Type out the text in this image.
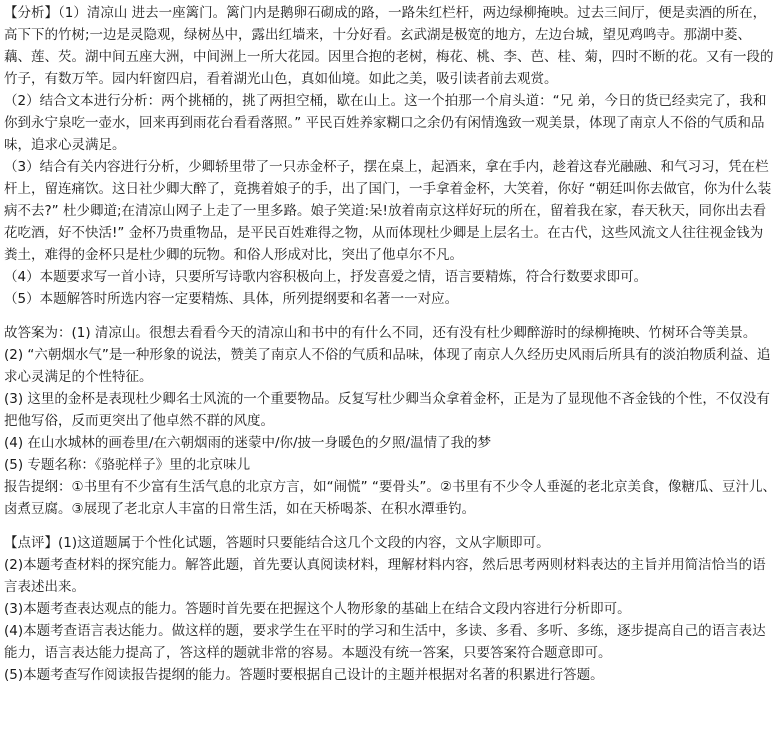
【分析】（1）清凉山 进去一座篱门。篱门内是鹅卵石砌成的路，一路朱红栏杆，两边绿柳掩映。过去三间厅，便是卖酒的所在，高下下的竹树;一边是灵隐观，绿树丛中，露出红墙来，十分好看。玄武湖是极宽的地方，左边台城，望见鸡鸣寺。那湖中菱、藕、莲、芡。湖中间五座大洲，中间洲上一所大花园。因里合抱的老树，梅花、桃、李、芭、桂、菊，四时不断的花。又有一段的竹子，有数万竿。园内轩窗四启，看着湖光山色，真如仙境。如此之美，吸引读者前去观赏。

（2）结合文本进行分析：两个挑桶的，挑了两担空桶，歇在山上。这一个拍那一个肩头道：“兄 弟，今日的货已经卖完了，我和你到永宁泉吃一壶水，回来再到雨花台看看落照。” 平民百姓养家糊口之余仍有闲情逸致一观美景，体现了南京人不俗的气质和品味，追求心灵满足。

（3）结合有关内容进行分析，少卿轿里带了一只赤金杯子，摆在桌上，起酒来，拿在手内，趁着这春光融融、和气习习，凭在栏杆上，留连痛饮。这日社少卿大醉了，竟携着娘子的手，出了国门，一手拿着金杯，大笑着，你好 “朝廷叫你去做官，你为什么装病不去?” 杜少卿道;在清凉山网子上走了一里多路。娘子笑道:呆!放着南京这样好玩的所在，留着我在家，春天秋天，同你出去看花吃酒，好不快活!” 金杯乃贵重物品，是平民百姓难得之物，从而体现杜少卿是上层名士。在古代，这些风流文人往往视金钱为粪土，难得的金杯只是杜少卿的玩物。和俗人形成对比，突出了他卓尔不凡。

（4）本题要求写一首小诗，只要所写诗歌内容积极向上，抒发喜爱之情，语言要精炼，符合行数要求即可。

（5）本题解答时所选内容一定要精炼、具体，所列提纲要和名著一一对应。

故答案为：(1) 清凉山。很想去看看今天的清凉山和书中的有什么不同，还有没有杜少卿醉游时的绿柳掩映、竹树环合等美景。

(2) “六朝烟水气”是一种形象的说法，赞美了南京人不俗的气质和品味，体现了南京人久经历史风雨后所具有的淡泊物质利益、追求心灵满足的个性特征。

(3) 这里的金杯是表现杜少卿名士风流的一个重要物品。反复写杜少卿当众拿着金杯，正是为了显现他不吝金钱的个性，不仅没有把他写俗，反而更突出了他卓然不群的风度。

(4) 在山水城林的画卷里/在六朝烟雨的迷蒙中/你/披一身暖色的夕照/温情了我的梦

(5) 专题名称：《骆驼样子》里的北京味儿

报告提纲：①书里有不少富有生活气息的北京方言，如“闹慌” “要骨头”。②书里有不少令人垂涎的老北京美食，像糖瓜、豆汁儿、卤煮豆腐。③展现了老北京人丰富的日常生活，如在天桥喝茶、在积水潭垂钓。

【点评】(1)这道题属于个性化试题，答题时只要能结合这几个文段的内容，文从字顺即可。

(2)本题考查材料的探究能力。解答此题，首先要认真阅读材料，理解材料内容，然后思考两则材料表达的主旨并用简洁恰当的语言表述出来。

(3)本题考查表达观点的能力。答题时首先要在把握这个人物形象的基础上在结合文段内容进行分析即可。

(4)本题考查语言表达能力。做这样的题，要求学生在平时的学习和生活中，多读、多看、多听、多练，逐步提高自己的语言表达能力，语言表达能力提高了，答这样的题就非常的容易。本题没有统一答案，只要答案符合题意即可。

(5)本题考查写作阅读报告提纲的能力。答题时要根据自己设计的主题并根据对名著的积累进行答题。
